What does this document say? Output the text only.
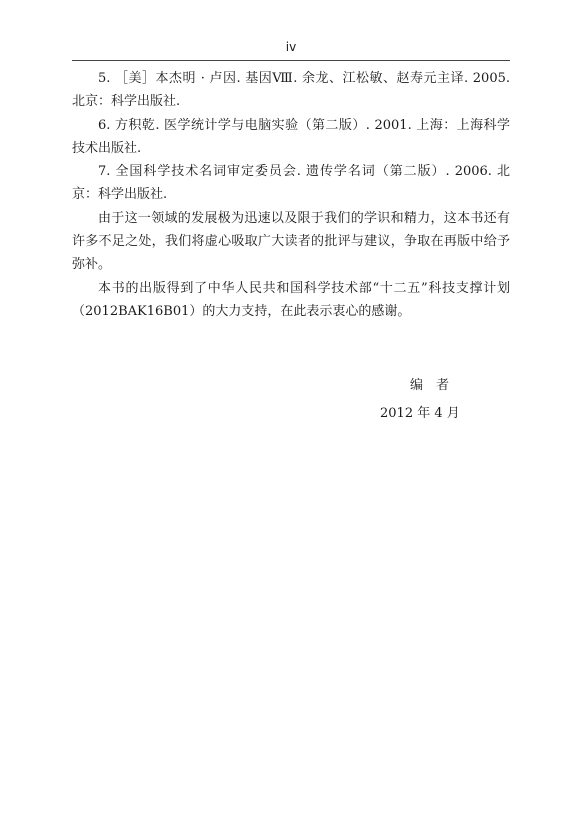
iv

5. ［美］本杰明 · 卢因. 基因Ⅷ. 余龙、江松敏、赵寿元主译. 2005. 北京：科学出版社.

6. 方积乾. 医学统计学与电脑实验（第二版）. 2001. 上海：上海科学技术出版社.

7. 全国科学技术名词审定委员会. 遗传学名词（第二版）. 2006. 北京：科学出版社.

由于这一领域的发展极为迅速以及限于我们的学识和精力，这本书还有许多不足之处，我们将虚心吸取广大读者的批评与建议，争取在再版中给予弥补。

本书的出版得到了中华人民共和国科学技术部“十二五”科技支撑计划（2012BAK16B01）的大力支持，在此表示衷心的感谢。

编　者
2012 年 4 月
